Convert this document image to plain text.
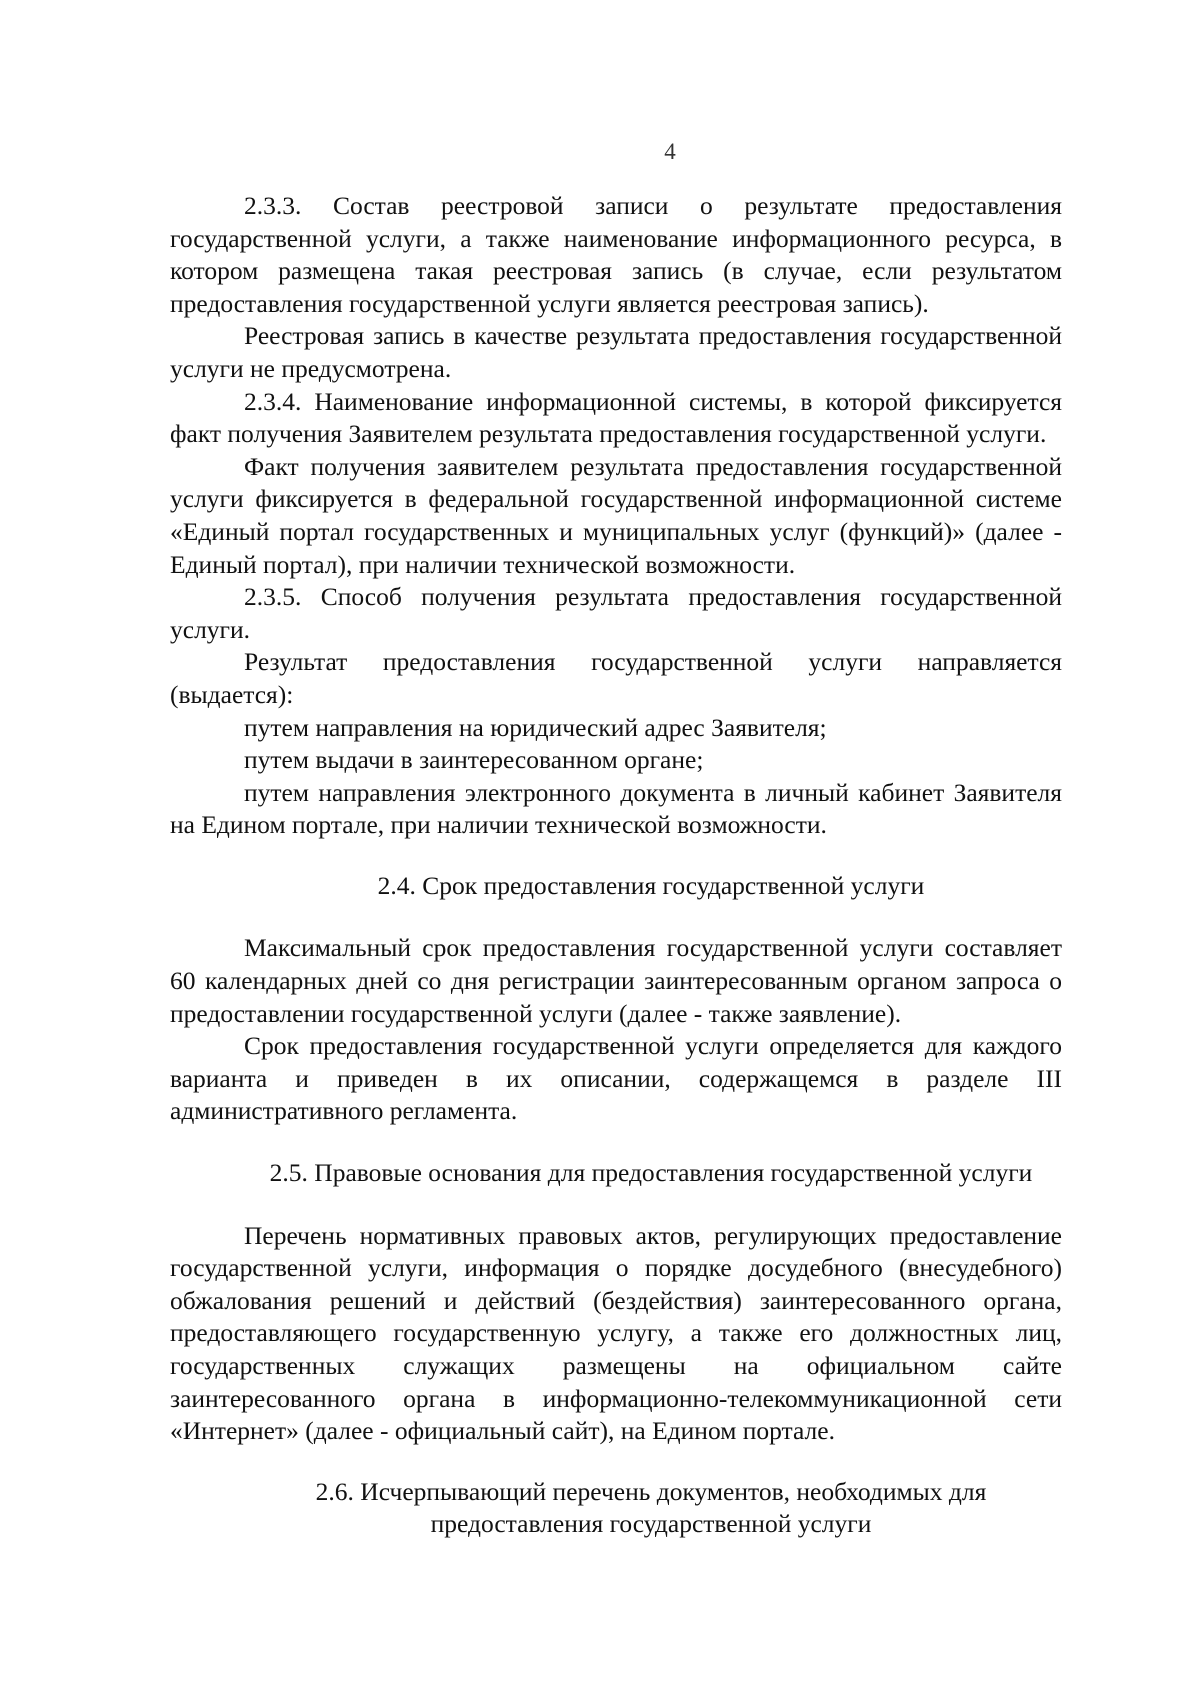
4

2.3.3. Состав реестровой записи о результате предоставления государственной услуги, а также наименование информационного ресурса, в котором размещена такая реестровая запись (в случае, если результатом предоставления государственной услуги является реестровая запись).

Реестровая запись в качестве результата предоставления государственной услуги не предусмотрена.

2.3.4. Наименование информационной системы, в которой фиксируется факт получения Заявителем результата предоставления государственной услуги.

Факт получения заявителем результата предоставления государственной услуги фиксируется в федеральной государственной информационной системе «Единый портал государственных и муниципальных услуг (функций)» (далее - Единый портал), при наличии технической возможности.

2.3.5. Способ получения результата предоставления государственной услуги.

Результат предоставления государственной услуги направляется (выдается):

путем направления на юридический адрес Заявителя;

путем выдачи в заинтересованном органе;

путем направления электронного документа в личный кабинет Заявителя на Едином портале, при наличии технической возможности.

2.4. Срок предоставления государственной услуги

Максимальный срок предоставления государственной услуги составляет 60 календарных дней со дня регистрации заинтересованным органом запроса о предоставлении государственной услуги (далее - также заявление).

Срок предоставления государственной услуги определяется для каждого варианта и приведен в их описании, содержащемся в разделе III административного регламента.

2.5. Правовые основания для предоставления государственной услуги

Перечень нормативных правовых актов, регулирующих предоставление государственной услуги, информация о порядке досудебного (внесудебного) обжалования решений и действий (бездействия) заинтересованного органа, предоставляющего государственную услугу, а также его должностных лиц, государственных служащих размещены на официальном сайте заинтересованного органа в информационно-телекоммуникационной сети «Интернет» (далее - официальный сайт), на Едином портале.

2.6. Исчерпывающий перечень документов, необходимых для
предоставления государственной услуги
